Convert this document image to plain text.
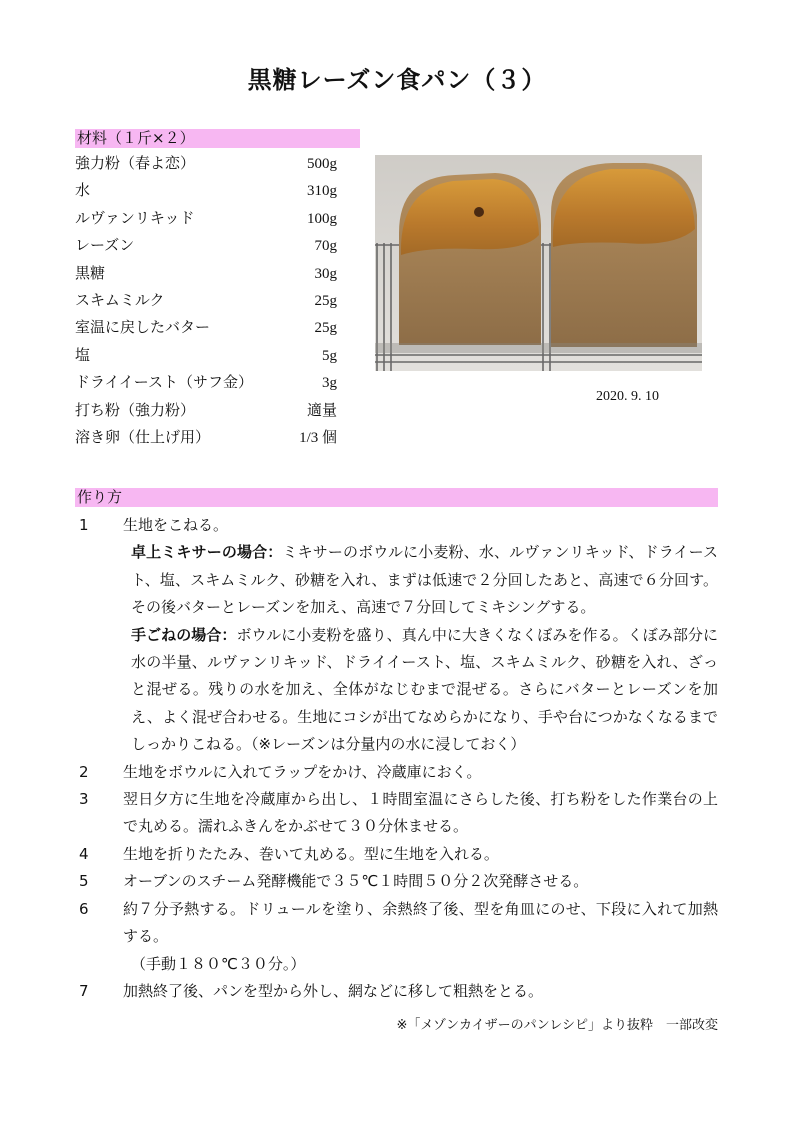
黒糖レーズン食パン（３）
材料（１斤×２）
強力粉（春よ恋）	500g
水	310g
ルヴァンリキッド	100g
レーズン	70g
黒糖	30g
スキムミルク	25g
室温に戻したバター	25g
塩	5g
ドライイースト（サフ金）	3g
打ち粉（強力粉）	適量
溶き卵（仕上げ用）	1/3 個
2020. 9. 10
作り方
1	生地をこねる。
卓上ミキサーの場合：ミキサーのボウルに小麦粉、水、ルヴァンリキッド、ドライースト、塩、スキムミルク、砂糖を入れ、まずは低速で２分回したあと、高速で６分回す。その後バターとレーズンを加え、高速で７分回してミキシングする。
手ごねの場合：ボウルに小麦粉を盛り、真ん中に大きくなくぼみを作る。くぼみ部分に水の半量、ルヴァンリキッド、ドライイースト、塩、スキムミルク、砂糖を入れ、ざっと混ぜる。残りの水を加え、全体がなじむまで混ぜる。さらにバターとレーズンを加え、よく混ぜ合わせる。生地にコシが出てなめらかになり、手や台につかなくなるまでしっかりこねる。（※レーズンは分量内の水に浸しておく）
2	生地をボウルに入れてラップをかけ、冷蔵庫におく。
3	翌日夕方に生地を冷蔵庫から出し、１時間室温にさらした後、打ち粉をした作業台の上で丸める。濡れふきんをかぶせて３０分休ませる。
4	生地を折りたたみ、巻いて丸める。型に生地を入れる。
5	オーブンのスチーム発酵機能で３５℃１時間５０分２次発酵させる。
6	約７分予熱する。ドリュールを塗り、余熱終了後、型を角皿にのせ、下段に入れて加熱する。
（手動１８０℃３０分。）
7	加熱終了後、パンを型から外し、網などに移して粗熱をとる。
※「メゾンカイザーのパンレシピ」より抜粋　一部改変
